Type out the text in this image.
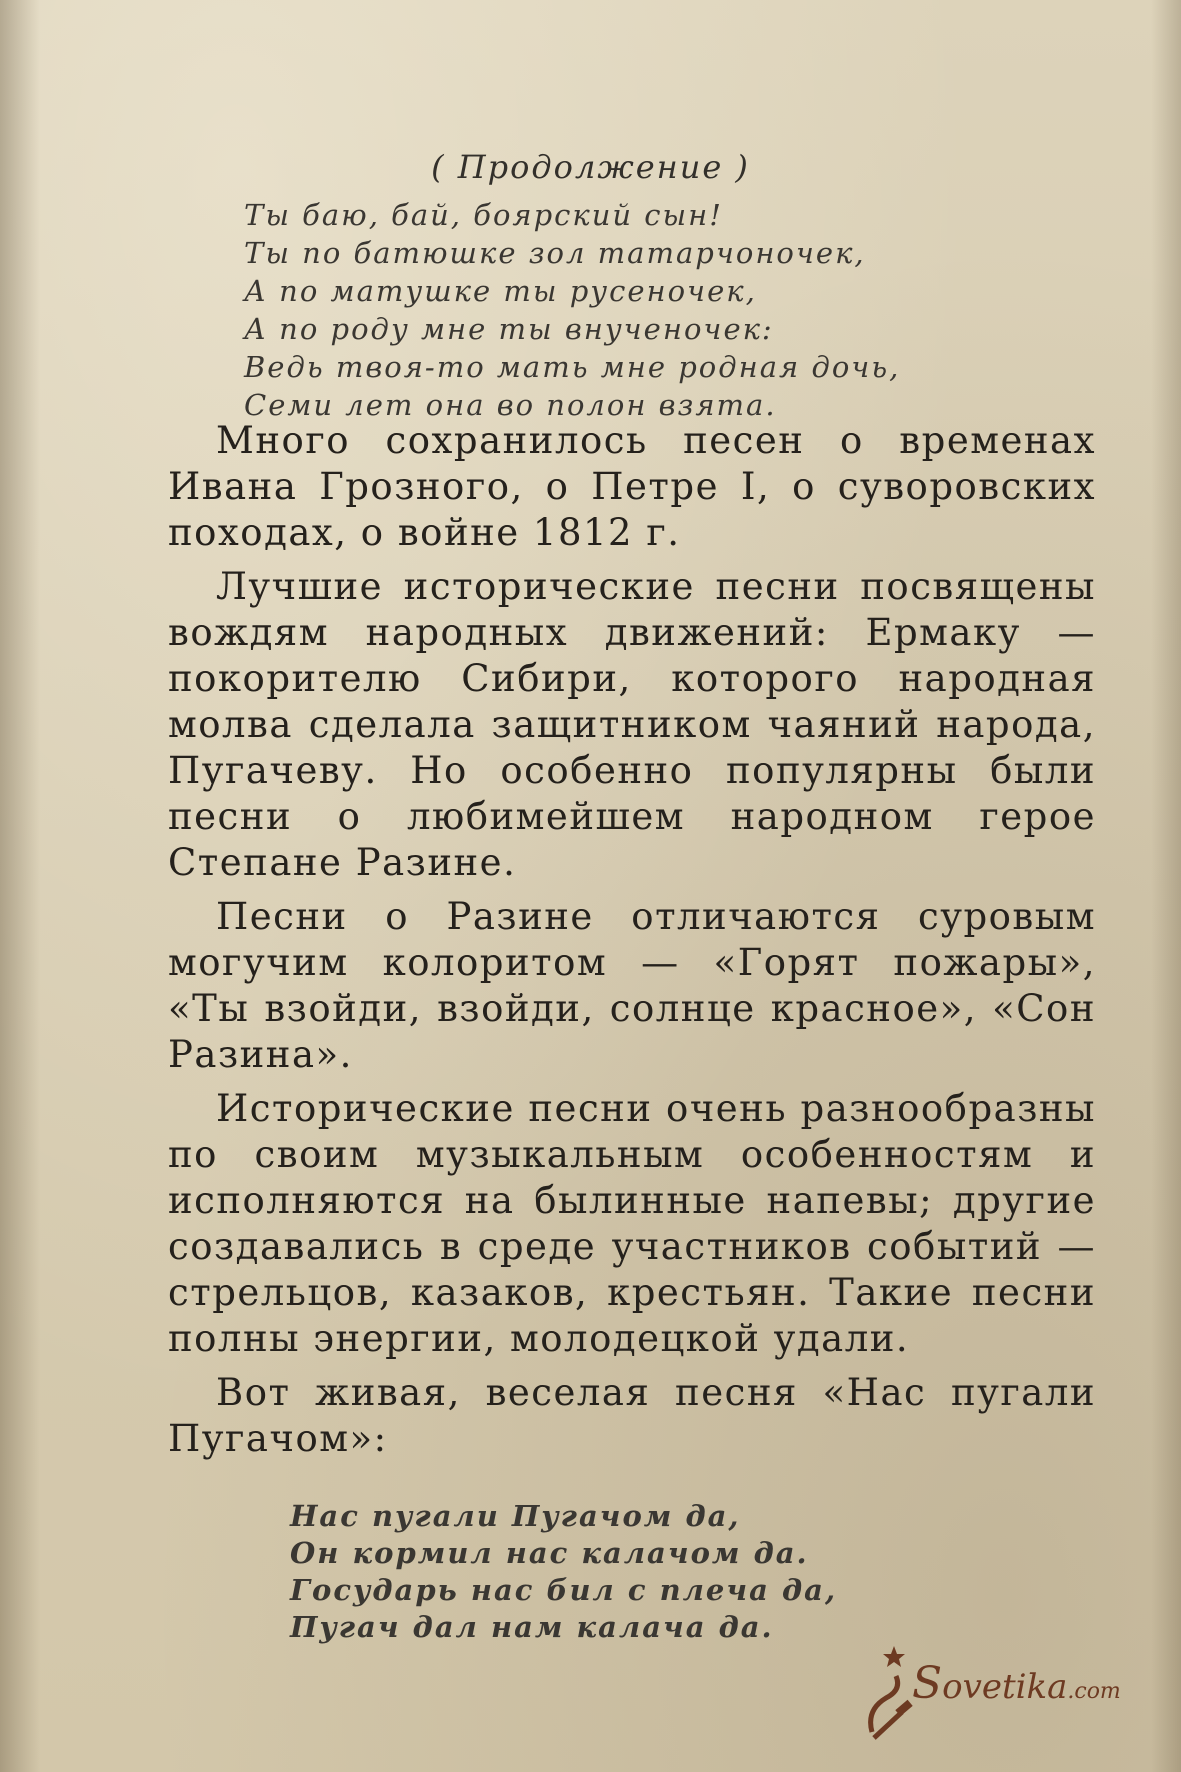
( Продолжение )
Ты баю, бай, боярский сын!
Ты по батюшке зол татарчоночек,
А по матушке ты русеночек,
А по роду мне ты внученочек:
Ведь твоя-то мать мне родная дочь,
Семи лет она во полон взята.

Много сохранилось песен о временах Ивана Грозного, о Петре I, о суворовских походах, о войне 1812 г.

Лучшие исторические песни посвящены вождям народных движений: Ермаку — покорителю Сибири, которого народная молва сделала защитником чаяний народа, Пугачеву. Но особенно популярны были песни о любимейшем народном герое Степане Разине.

Песни о Разине отличаются суровым могучим колоритом — «Горят пожары», «Ты взойди, взойди, солнце красное», «Сон Разина».

Исторические песни очень разнообразны по своим музыкальным особенностям и исполняются на былинные напевы; другие создавались в среде участников событий — стрельцов, казаков, крестьян. Такие песни полны энергии, молодецкой удали.

Вот живая, веселая песня «Нас пугали Пугачом»:

Нас пугали Пугачом да,
Он кормил нас калачом да.
Государь нас бил с плеча да,
Пугач дал нам калача да.
Sovetika.com
